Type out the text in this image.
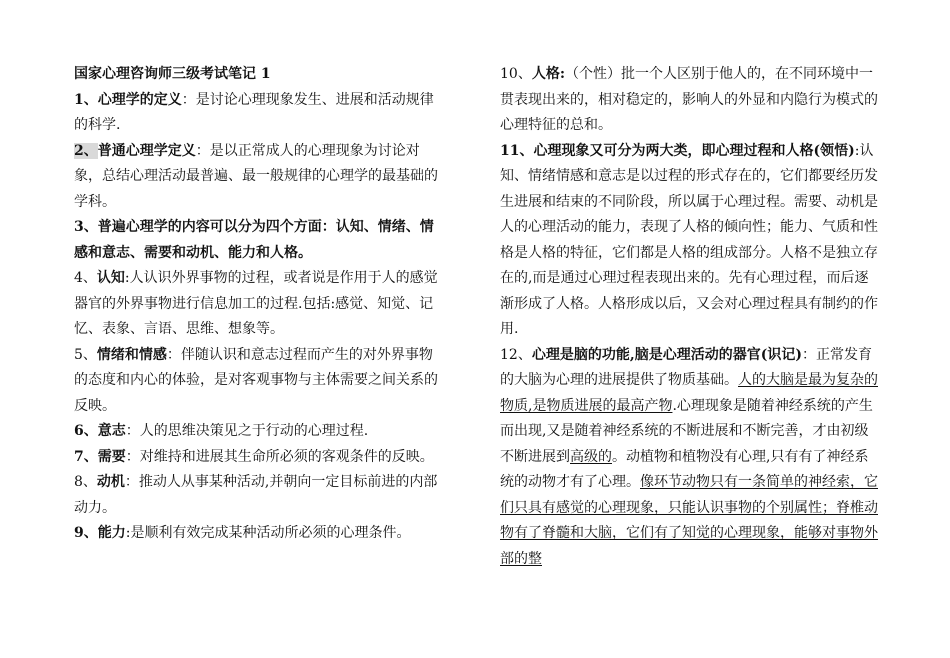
国家心理咨询师三级考试笔记 1

1、心理学的定义：是讨论心理现象发生、进展和活动规律的科学.

2、普通心理学定义：是以正常成人的心理现象为讨论对象，总结心理活动最普遍、最一般规律的心理学的最基础的学科。

3、普遍心理学的内容可以分为四个方面：认知、情绪、情感和意志、需要和动机、能力和人格。

4、认知:人认识外界事物的过程，或者说是作用于人的感觉器官的外界事物进行信息加工的过程.包括:感觉、知觉、记忆、表象、言语、思维、想象等。

5、情绪和情感：伴随认识和意志过程而产生的对外界事物的态度和内心的体验，是对客观事物与主体需要之间关系的反映。

6、意志：人的思维决策见之于行动的心理过程.

7、需要：对维持和进展其生命所必须的客观条件的反映。

8、动机：推动人从事某种活动,并朝向一定目标前进的内部动力。

9、能力:是顺利有效完成某种活动所必须的心理条件。

10、人格:（个性）批一个人区别于他人的，在不同环境中一贯表现出来的，相对稳定的，影响人的外显和内隐行为模式的心理特征的总和。

11、心理现象又可分为两大类，即心理过程和人格(领悟):认知、情绪情感和意志是以过程的形式存在的，它们都要经历发生进展和结束的不同阶段，所以属于心理过程。需要、动机是人的心理活动的能力，表现了人格的倾向性；能力、气质和性格是人格的特征，它们都是人格的组成部分。人格不是独立存在的,而是通过心理过程表现出来的。先有心理过程，而后逐渐形成了人格。人格形成以后，又会对心理过程具有制约的作用.

12、心理是脑的功能,脑是心理活动的器官(识记)：正常发育的大脑为心理的进展提供了物质基础。人的大脑是最为复杂的物质,是物质进展的最高产物.心理现象是随着神经系统的产生而出现,又是随着神经系统的不断进展和不断完善，才由初级不断进展到高级的。动植物和植物没有心理,只有有了神经系统的动物才有了心理。像环节动物只有一条简单的神经索，它们只具有感觉的心理现象，只能认识事物的个别属性；脊椎动物有了脊髓和大脑，它们有了知觉的心理现象，能够对事物外部的整
